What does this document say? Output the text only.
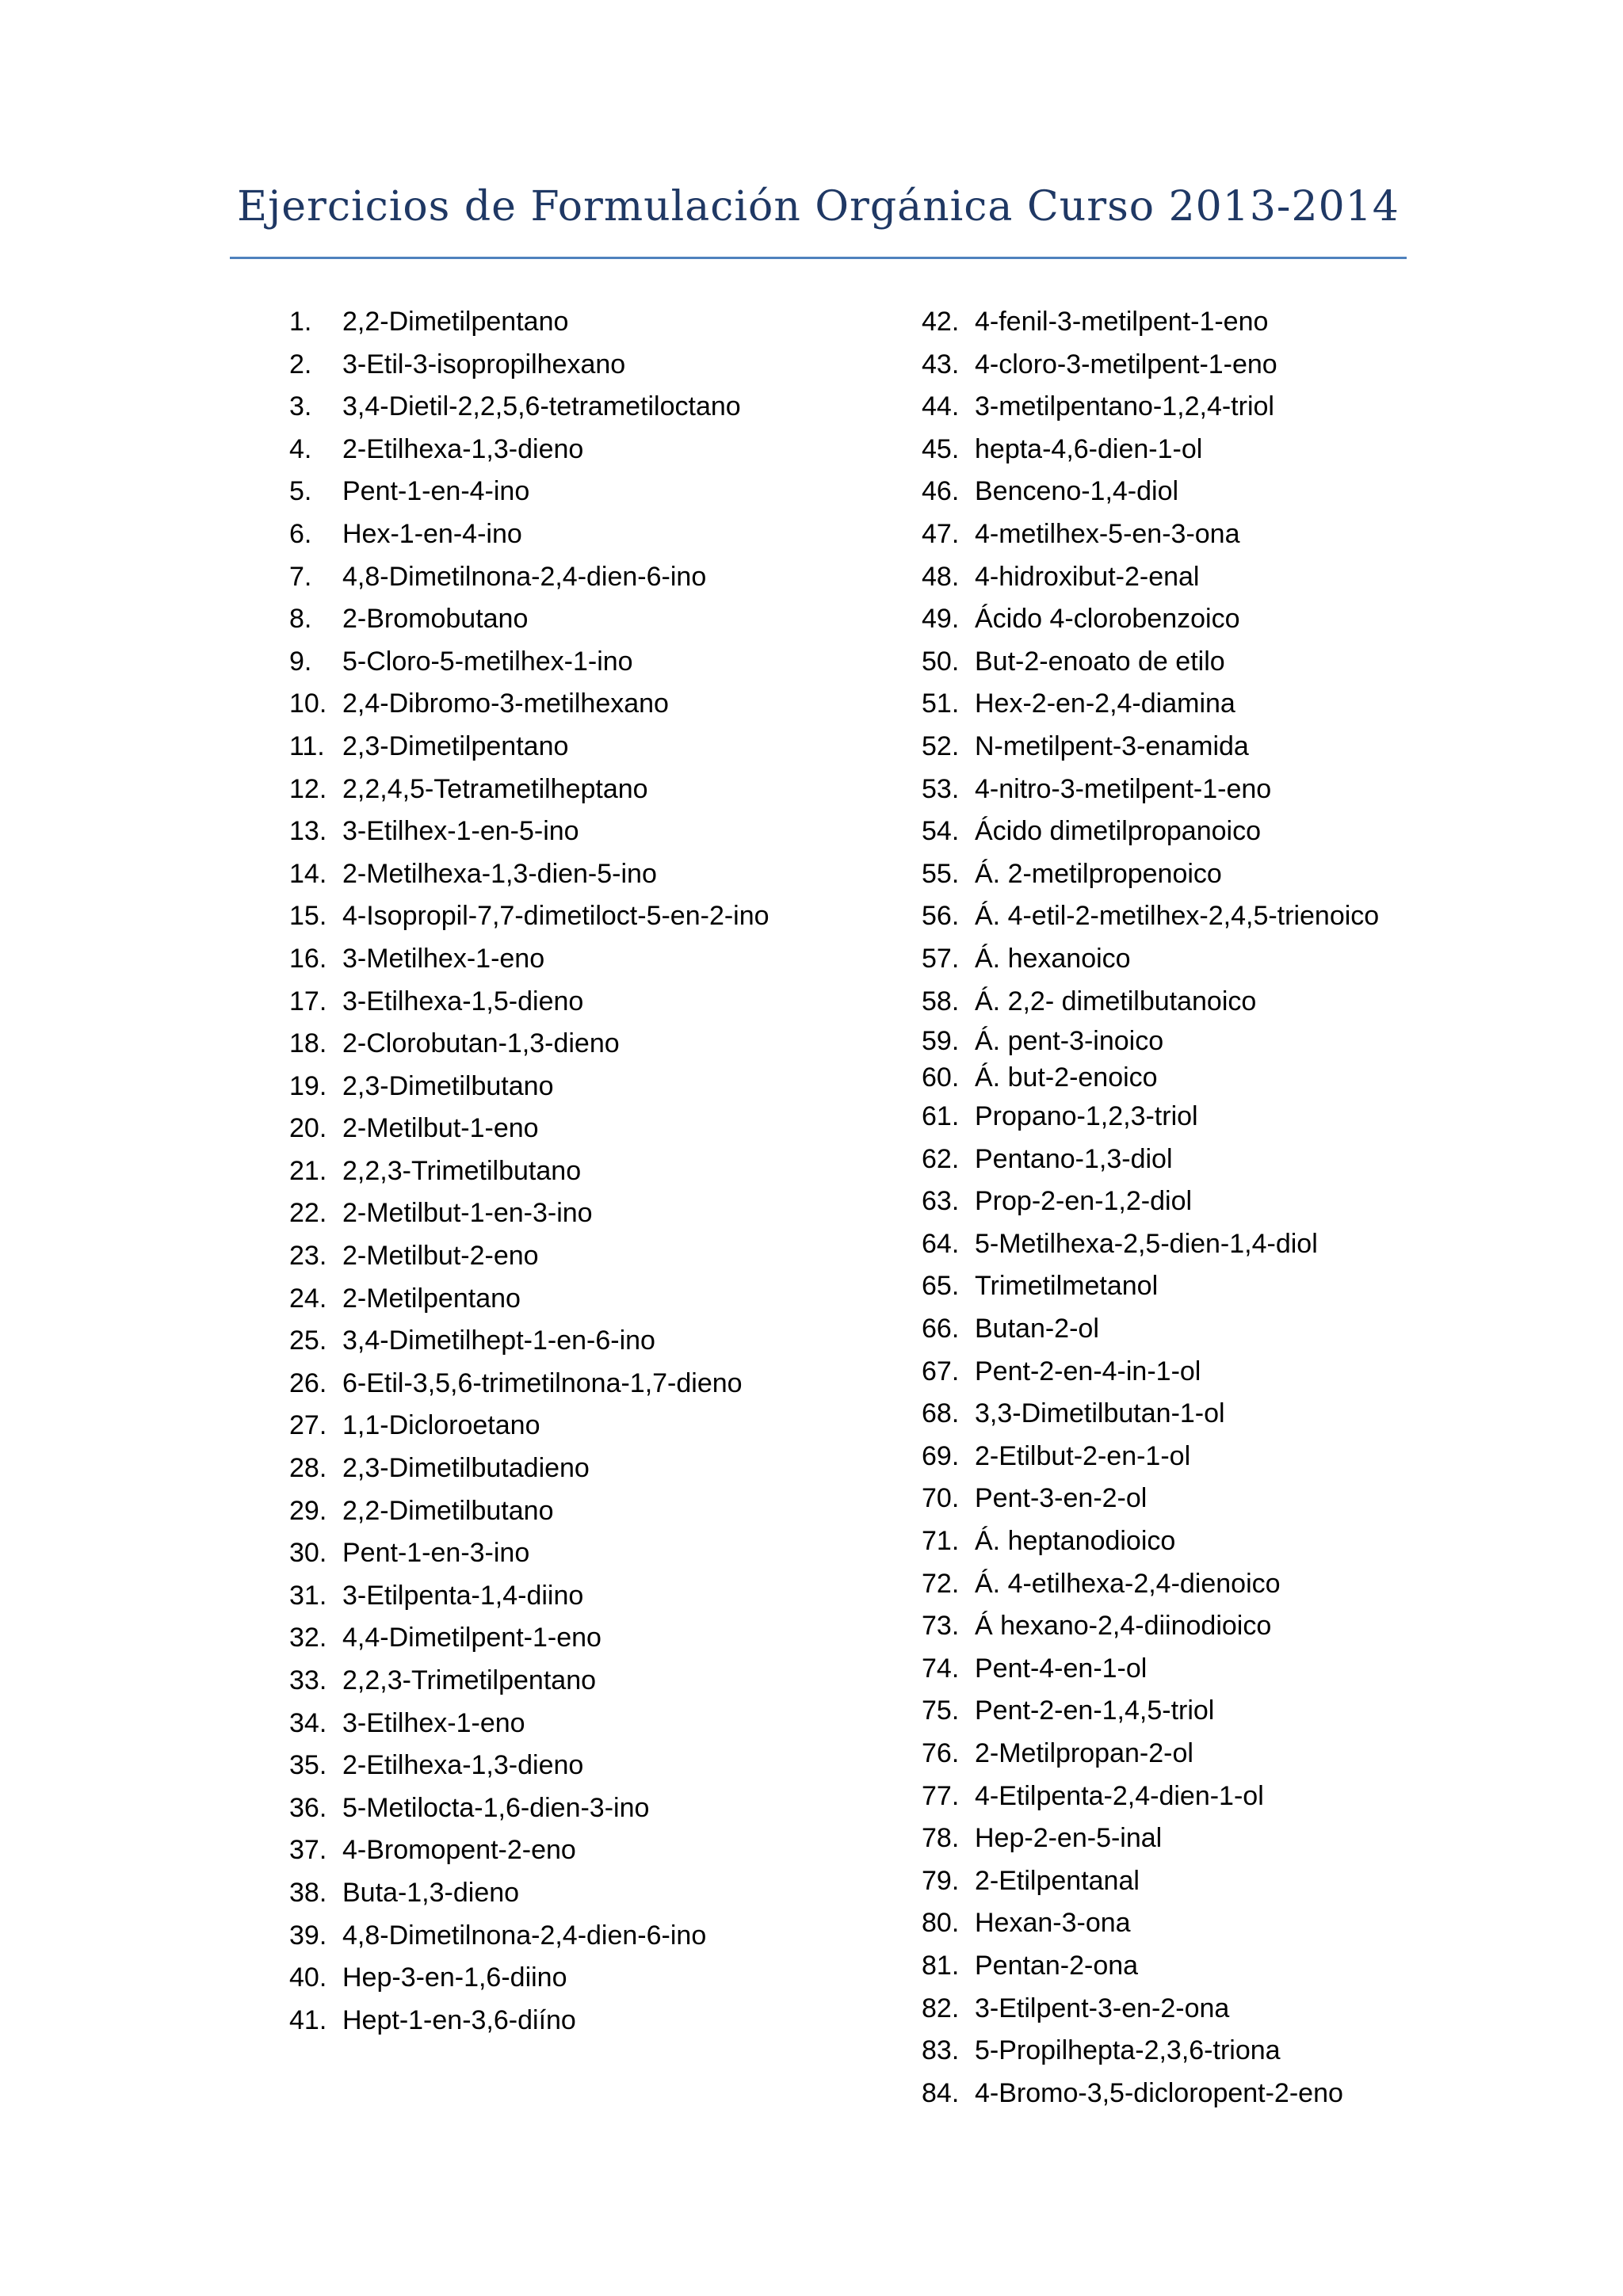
Ejercicios de Formulación Orgánica Curso 2013-2014
1.	2,2-Dimetilpentano
2.	3-Etil-3-isopropilhexano
3.	3,4-Dietil-2,2,5,6-tetrametiloctano
4.	2-Etilhexa-1,3-dieno
5.	Pent-1-en-4-ino
6.	Hex-1-en-4-ino
7.	4,8-Dimetilnona-2,4-dien-6-ino
8.	2-Bromobutano
9.	5-Cloro-5-metilhex-1-ino
10. 2,4-Dibromo-3-metilhexano
11. 2,3-Dimetilpentano
12. 2,2,4,5-Tetrametilheptano
13. 3-Etilhex-1-en-5-ino
14. 2-Metilhexa-1,3-dien-5-ino
15. 4-Isopropil-7,7-dimetiloct-5-en-2-ino
16. 3-Metilhex-1-eno
17. 3-Etilhexa-1,5-dieno
18. 2-Clorobutan-1,3-dieno
19. 2,3-Dimetilbutano
20. 2-Metilbut-1-eno
21. 2,2,3-Trimetilbutano
22. 2-Metilbut-1-en-3-ino
23. 2-Metilbut-2-eno
24. 2-Metilpentano
25. 3,4-Dimetilhept-1-en-6-ino
26. 6-Etil-3,5,6-trimetilnona-1,7-dieno
27. 1,1-Dicloroetano
28. 2,3-Dimetilbutadieno
29. 2,2-Dimetilbutano
30. Pent-1-en-3-ino
31. 3-Etilpenta-1,4-diino
32. 4,4-Dimetilpent-1-eno
33. 2,2,3-Trimetilpentano
34. 3-Etilhex-1-eno
35. 2-Etilhexa-1,3-dieno
36. 5-Metilocta-1,6-dien-3-ino
37. 4-Bromopent-2-eno
38. Buta-1,3-dieno
39. 4,8-Dimetilnona-2,4-dien-6-ino
40. Hep-3-en-1,6-diino
41. Hept-1-en-3,6-diíno
42. 4-fenil-3-metilpent-1-eno
43. 4-cloro-3-metilpent-1-eno
44. 3-metilpentano-1,2,4-triol
45. hepta-4,6-dien-1-ol
46. Benceno-1,4-diol
47. 4-metilhex-5-en-3-ona
48. 4-hidroxibut-2-enal
49. Ácido 4-clorobenzoico
50. But-2-enoato de etilo
51. Hex-2-en-2,4-diamina
52. N-metilpent-3-enamida
53. 4-nitro-3-metilpent-1-eno
54. Ácido dimetilpropanoico
55. Á. 2-metilpropenoico
56. Á. 4-etil-2-metilhex-2,4,5-trienoico
57. Á. hexanoico
58. Á. 2,2- dimetilbutanoico
59. Á. pent-3-inoico
60. Á. but-2-enoico
61. Propano-1,2,3-triol
62. Pentano-1,3-diol
63. Prop-2-en-1,2-diol
64. 5-Metilhexa-2,5-dien-1,4-diol
65. Trimetilmetanol
66. Butan-2-ol
67. Pent-2-en-4-in-1-ol
68. 3,3-Dimetilbutan-1-ol
69. 2-Etilbut-2-en-1-ol
70. Pent-3-en-2-ol
71. Á. heptanodioico
72. Á. 4-etilhexa-2,4-dienoico
73. Á hexano-2,4-diinodioico
74. Pent-4-en-1-ol
75. Pent-2-en-1,4,5-triol
76. 2-Metilpropan-2-ol
77. 4-Etilpenta-2,4-dien-1-ol
78. Hep-2-en-5-inal
79. 2-Etilpentanal
80. Hexan-3-ona
81. Pentan-2-ona
82. 3-Etilpent-3-en-2-ona
83. 5-Propilhepta-2,3,6-triona
84. 4-Bromo-3,5-dicloropent-2-eno
